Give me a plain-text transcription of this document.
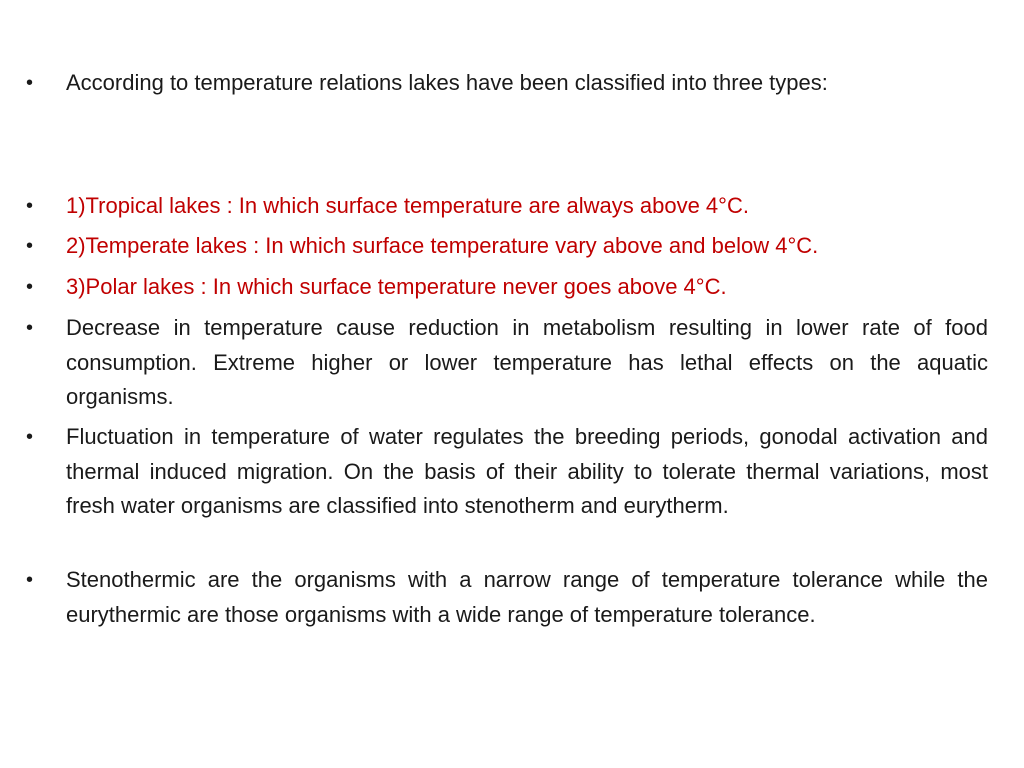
•	According to temperature relations lakes have been classified into three types:
•	1)Tropical lakes : In which surface temperature are always above 4°C.
•	2)Temperate lakes : In which surface temperature vary above and below 4°C.
•	3)Polar lakes : In which surface temperature never goes above 4°C.
•	Decrease in temperature cause reduction in metabolism resulting in lower rate of food consumption. Extreme higher or lower temperature has lethal effects on the aquatic organisms.
•	Fluctuation in temperature of water regulates the breeding periods, gonodal activation and thermal induced migration. On the basis of their ability to tolerate thermal variations, most fresh water organisms are classified into stenotherm and eurytherm.
•	Stenothermic are the organisms with a narrow range of temperature tolerance while the eurythermic are those organisms with a wide range of temperature tolerance.
